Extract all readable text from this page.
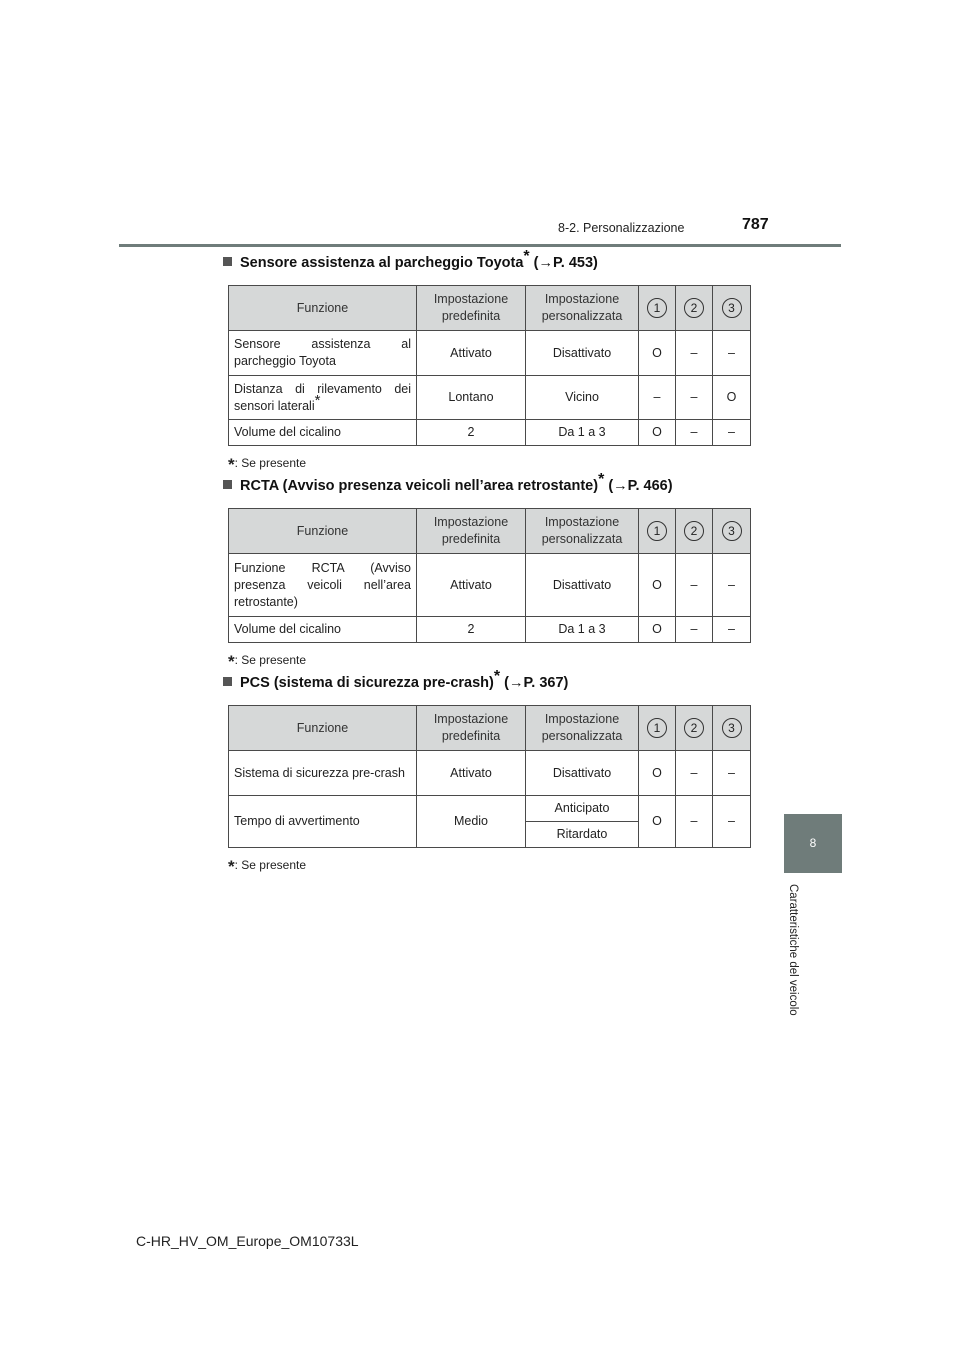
8-2. Personalizzazione	787
8
Caratteristiche del veicolo
Sensore assistenza al parcheggio Toyota* (→P. 453)
Funzione	Impostazione predefinita	Impostazione personalizzata	1	2	3
Sensore assistenza al parcheggio Toyota	Attivato	Disattivato	O	–	–
Distanza di rilevamento dei sensori laterali*	Lontano	Vicino	–	–	O
Volume del cicalino	2	Da 1 a 3	O	–	–
*: Se presente
RCTA (Avviso presenza veicoli nell’area retrostante)* (→P. 466)
Funzione	Impostazione predefinita	Impostazione personalizzata	1	2	3
Funzione RCTA (Avviso presenza veicoli nell’area retrostante)	Attivato	Disattivato	O	–	–
Volume del cicalino	2	Da 1 a 3	O	–	–
*: Se presente
PCS (sistema di sicurezza pre-crash)* (→P. 367)
Funzione	Impostazione predefinita	Impostazione personalizzata	1	2	3
Sistema di sicurezza pre-crash	Attivato	Disattivato	O	–	–
Tempo di avvertimento	Medio	Anticipato	O	–	–
		Ritardato			
*: Se presente
C-HR_HV_OM_Europe_OM10733L
